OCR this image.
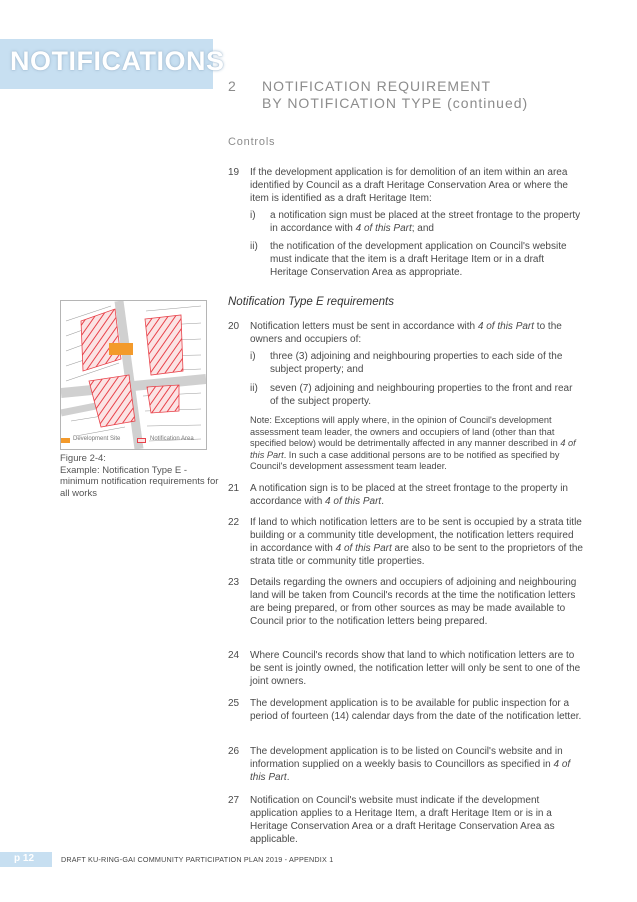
NOTIFICATIONS
2 NOTIFICATION REQUIREMENT
BY NOTIFICATION TYPE (continued)
Controls
19 If the development application is for demolition of an item within an area identified by Council as a draft Heritage Conservation Area or where the item is identified as a draft Heritage Item:
i) a notification sign must be placed at the street frontage to the property in accordance with 4 of this Part; and
ii) the notification of the development application on Council's website must indicate that the item is a draft Heritage Item or in a draft Heritage Conservation Area as appropriate.
Notification Type E requirements
Development Site	Notification Area
Figure 2-4:
Example: Notification Type E - minimum notification requirements for all works
20 Notification letters must be sent in accordance with 4 of this Part to the owners and occupiers of:
i) three (3) adjoining and neighbouring properties to each side of the subject property; and
ii) seven (7) adjoining and neighbouring properties to the front and rear of the subject property.
Note: Exceptions will apply where, in the opinion of Council's development assessment team leader, the owners and occupiers of land (other than that specified below) would be detrimentally affected in any manner described in 4 of this Part. In such a case additional persons are to be notified as specified by Council's development assessment team leader.
21 A notification sign is to be placed at the street frontage to the property in accordance with 4 of this Part.
22 If land to which notification letters are to be sent is occupied by a strata title building or a community title development, the notification letters required in accordance with 4 of this Part are also to be sent to the proprietors of the strata title or community title properties.
23 Details regarding the owners and occupiers of adjoining and neighbouring land will be taken from Council's records at the time the notification letters are being prepared, or from other sources as may be made available to Council prior to the notification letters being prepared.
24 Where Council's records show that land to which notification letters are to be sent is jointly owned, the notification letter will only be sent to one of the joint owners.
25 The development application is to be available for public inspection for a period of fourteen (14) calendar days from the date of the notification letter.
26 The development application is to be listed on Council's website and in information supplied on a weekly basis to Councillors as specified in 4 of this Part.
27 Notification on Council's website must indicate if the development application applies to a Heritage Item, a draft Heritage Item or is in a Heritage Conservation Area or a draft Heritage Conservation Area as applicable.
p 12	DRAFT KU-RING-GAI COMMUNITY PARTICIPATION PLAN 2019 - APPENDIX 1
